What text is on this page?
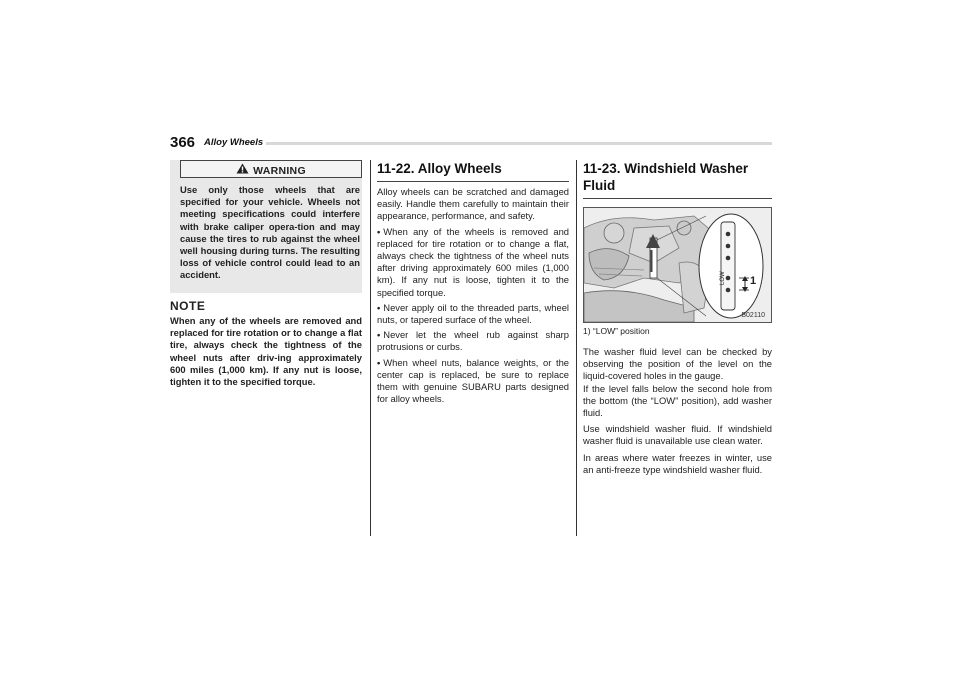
366 Alloy Wheels
WARNING
Use only those wheels that are specified for your vehicle. Wheels not meeting specifications could interfere with brake caliper opera-tion and may cause the tires to rub against the wheel well housing during turns. The resulting loss of vehicle control could lead to an accident.
NOTE
When any of the wheels are removed and replaced for tire rotation or to change a flat tire, always check the tightness of the wheel nuts after driv-ing approximately 600 miles (1,000 km). If any nut is loose, tighten it to the specified torque.
11-22. Alloy Wheels

Alloy wheels can be scratched and damaged easily. Handle them carefully to maintain their appearance, performance, and safety.

• When any of the wheels is removed and replaced for tire rotation or to change a flat, always check the tightness of the wheel nuts after driving approximately 600 miles (1,000 km). If any nut is loose, tighten it to the specified torque.

• Never apply oil to the threaded parts, wheel nuts, or tapered surface of the wheel.

• Never let the wheel rub against sharp protrusions or curbs.

• When wheel nuts, balance weights, or the center cap is replaced, be sure to replace them with genuine SUBARU parts designed for alloy wheels.

11-23. Windshield Washer Fluid
LOW 1
B02110
1) “LOW” position

The washer fluid level can be checked by observing the position of the level on the liquid-covered holes in the gauge.

If the level falls below the second hole from the bottom (the “LOW” position), add washer fluid.

Use windshield washer fluid. If windshield washer fluid is unavailable use clean water.

In areas where water freezes in winter, use an anti-freeze type windshield washer fluid.
